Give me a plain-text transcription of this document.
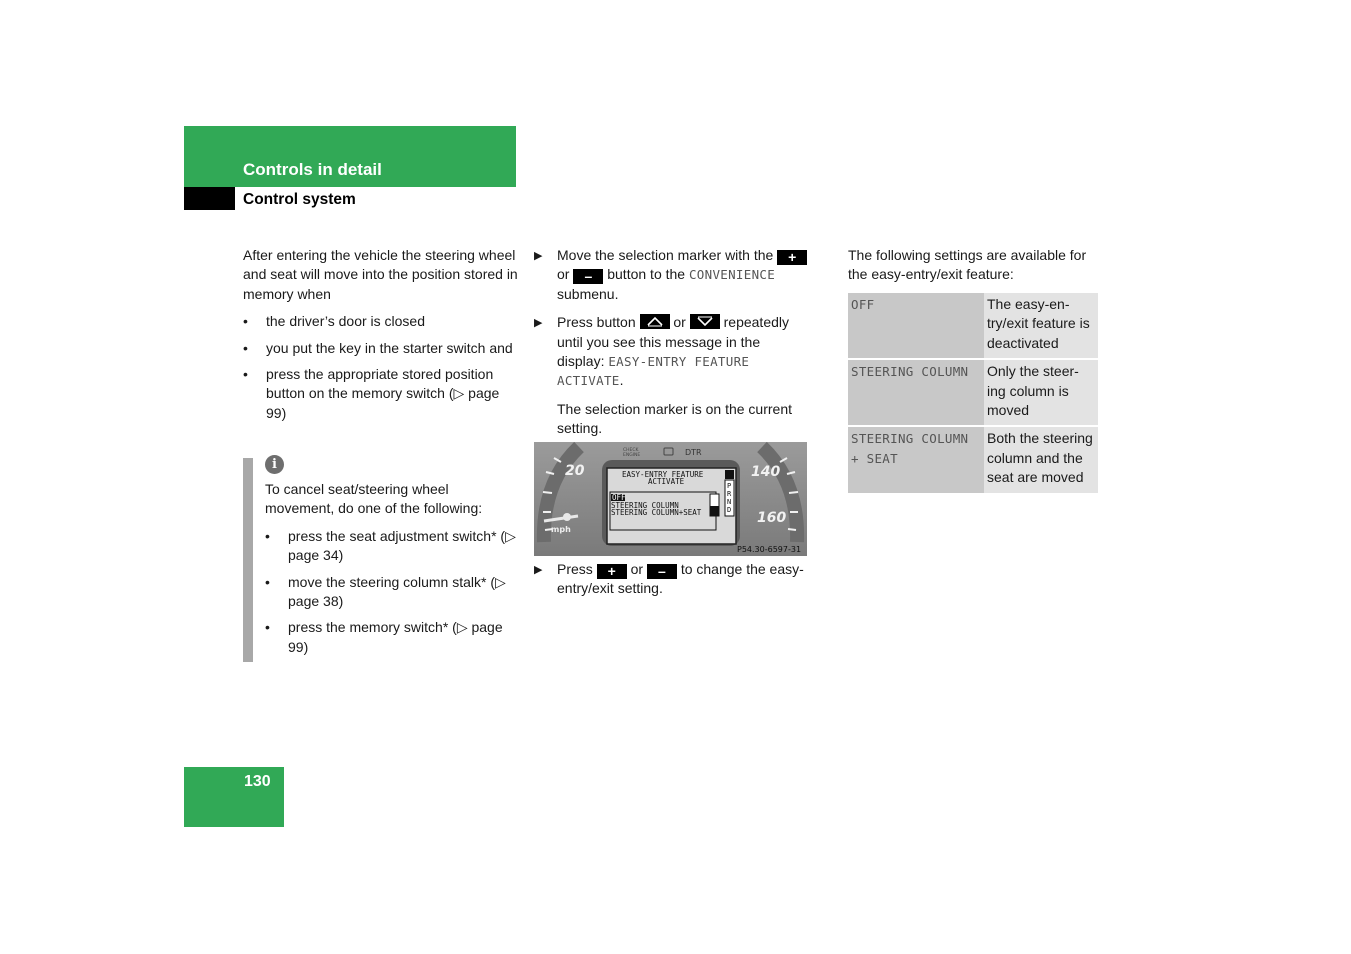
Controls in detail
Control system

After entering the vehicle the steering wheel and seat will move into the position stored in memory when

• the driver’s door is closed
• you put the key in the starter switch and
• press the appropriate stored position button on the memory switch (▷ page 99)
i

To cancel seat/steering wheel movement, do one of the following:

• press the seat adjustment switch* (▷ page 34)
• move the steering column stalk* (▷ page 38)
• press the memory switch* (▷ page 99)
▶ Move the selection marker with the + or – button to the CONVENIENCE submenu.
▶ Press button	or	repeatedly until you see this message in the display: EASY-ENTRY FEATURE ACTIVATE.
The selection marker is on the current setting.
20	140
160
mph
CHECK
ENGINE	DTR
EASY-ENTRY FEATURE
ACTIVATE
OFF
STEERING COLUMN
STEERING COLUMN+SEAT
P
R
N
D
P54.30-6597-31
▶ Press + or – to change the easy-entry/exit setting.

The following settings are available for the easy-entry/exit feature:

OFF	The easy-en-try/exit feature is deactivated
STEERING COLUMN	Only the steer-ing column is moved
STEERING COLUMN + SEAT	Both the steering column and the seat are moved
130
